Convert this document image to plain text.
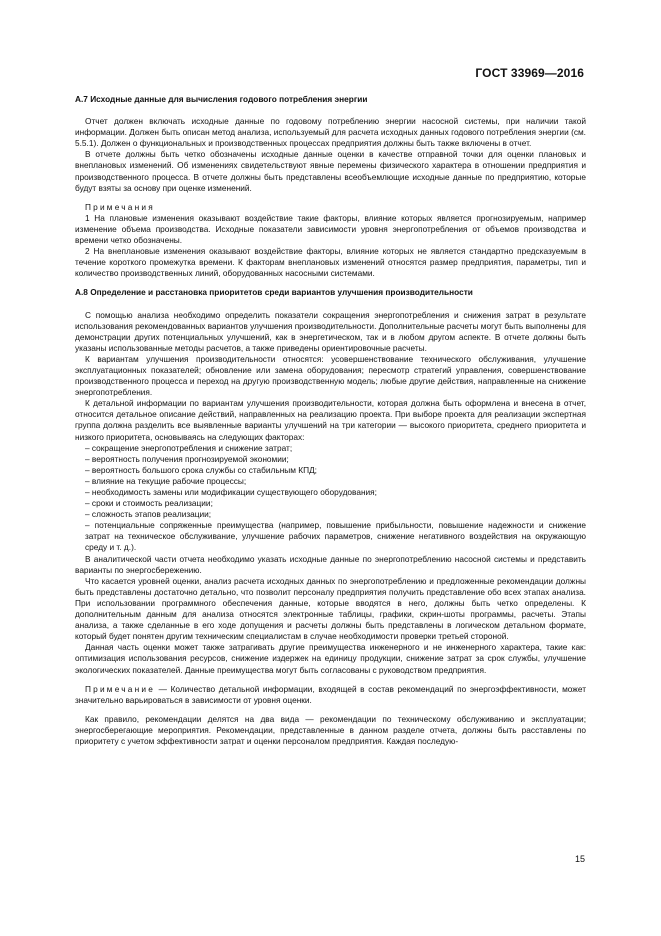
ГОСТ 33969—2016

А.7 Исходные данные для вычисления годового потребления энергии

Отчет должен включать исходные данные по годовому потреблению энергии насосной системы, при наличии такой информации. Должен быть описан метод анализа, используемый для расчета исходных данных годового потребления энергии (см. 5.5.1). Должен о функциональных и производственных процессах предприятия должны быть также включены в отчет.

В отчете должны быть четко обозначены исходные данные оценки в качестве отправной точки для оценки плановых и внеплановых изменений. Об изменениях свидетельствуют явные перемены физического характера в отношении предприятия и производственного процесса. В отчете должны быть представлены всеобъемлющие исходные данные по предприятию, которые будут взяты за основу при оценке изменений.

Примечания

1 На плановые изменения оказывают воздействие такие факторы, влияние которых является прогнозируемым, например изменение объема производства. Исходные показатели зависимости уровня энергопотребления от объемов производства и времени четко обозначены.

2 На внеплановые изменения оказывают воздействие факторы, влияние которых не является стандартно предсказуемым в течение короткого промежутка времени. К факторам внеплановых изменений относятся размер предприятия, параметры, тип и количество производственных линий, оборудованных насосными системами.

А.8 Определение и расстановка приоритетов среди вариантов улучшения производительности

С помощью анализа необходимо определить показатели сокращения энергопотребления и снижения затрат в результате использования рекомендованных вариантов улучшения производительности. Дополнительные расчеты могут быть выполнены для демонстрации других потенциальных улучшений, как в энергетическом, так и в любом другом аспекте. В отчете должны быть указаны использованные методы расчетов, а также приведены ориентировочные расчеты.

К вариантам улучшения производительности относятся: усовершенствование технического обслуживания, улучшение эксплуатационных показателей; обновление или замена оборудования; пересмотр стратегий управления, совершенствование производственного процесса и переход на другую производственную модель; любые другие действия, направленные на снижение энергопотребления.

К детальной информации по вариантам улучшения производительности, которая должна быть оформлена и внесена в отчет, относится детальное описание действий, направленных на реализацию проекта. При выборе проекта для реализации экспертная группа должна разделить все выявленные варианты улучшений на три категории — высокого приоритета, среднего приоритета и низкого приоритета, основываясь на следующих факторах:

– сокращение энергопотребления и снижение затрат;
– вероятность получения прогнозируемой экономии;
– вероятность большого срока службы со стабильным КПД;
– влияние на текущие рабочие процессы;
– необходимость замены или модификации существующего оборудования;
– сроки и стоимость реализации;
– сложность этапов реализации;
– потенциальные сопряженные преимущества (например, повышение прибыльности, повышение надежности и снижение затрат на техническое обслуживание, улучшение рабочих параметров, снижение негативного воздействия на окружающую среду и т. д.).

В аналитической части отчета необходимо указать исходные данные по энергопотреблению насосной системы и представить варианты по энергосбережению.

Что касается уровней оценки, анализ расчета исходных данных по энергопотреблению и предложенные рекомендации должны быть представлены достаточно детально, что позволит персоналу предприятия получить представление обо всех этапах анализа. При использовании программного обеспечения данные, которые вводятся в него, должны быть четко определены. К дополнительным данным для анализа относятся электронные таблицы, графики, скрин-шоты программы, расчеты. Этапы анализа, а также сделанные в его ходе допущения и расчеты должны быть представлены в логическом детальном формате, который будет понятен другим техническим специалистам в случае необходимости проверки третьей стороной.

Данная часть оценки может также затрагивать другие преимущества инженерного и не инженерного характера, такие как: оптимизация использования ресурсов, снижение издержек на единицу продукции, снижение затрат за срок службы, улучшение экологических показателей. Данные преимущества могут быть согласованы с руководством предприятия.

Примечание — Количество детальной информации, входящей в состав рекомендаций по энергоэффективности, может значительно варьироваться в зависимости от уровня оценки.

Как правило, рекомендации делятся на два вида — рекомендации по техническому обслуживанию и эксплуатации; энергосберегающие мероприятия. Рекомендации, представленные в данном разделе отчета, должны быть расставлены по приоритету с учетом эффективности затрат и оценки персоналом предприятия. Каждая последую-

15
